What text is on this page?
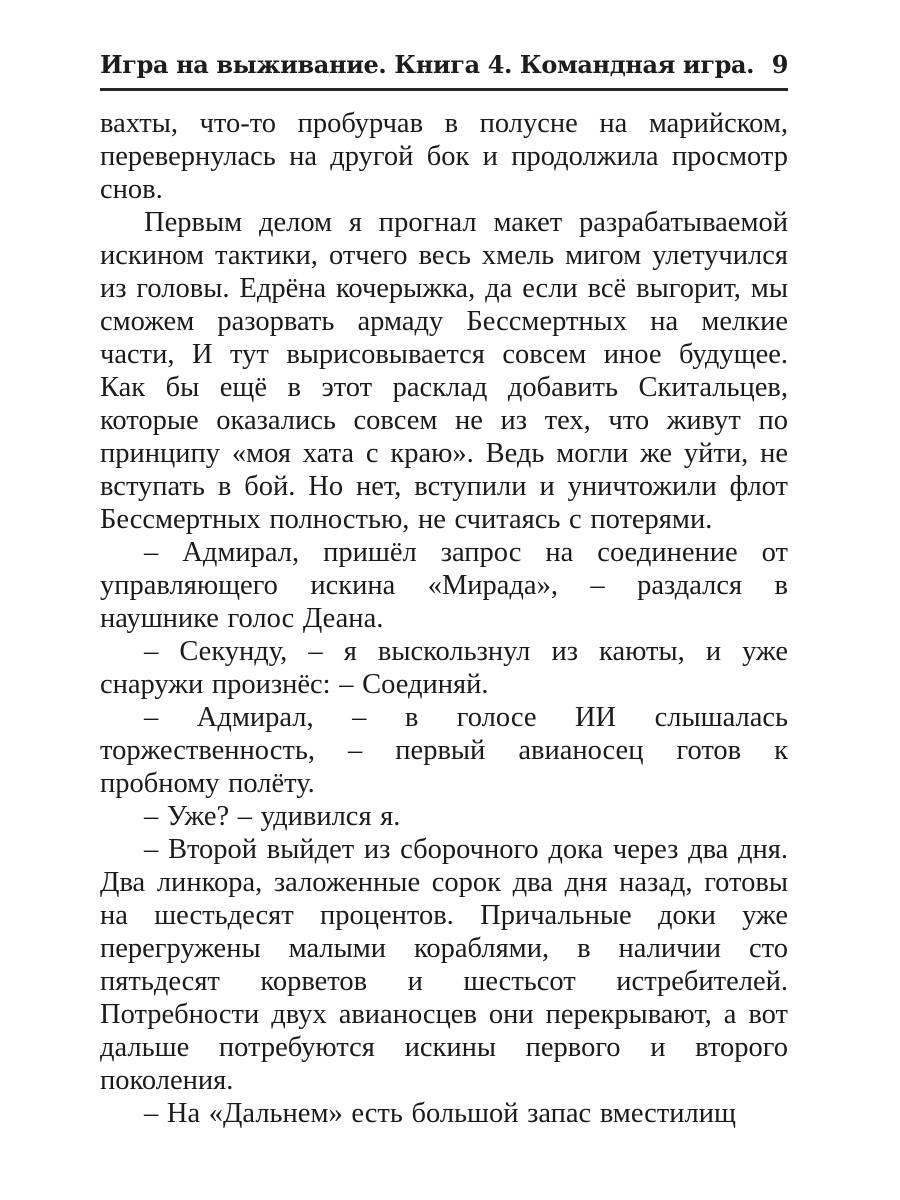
Игра на выживание. Книга 4. Командная игра. 9

вахты, что-то пробурчав в полусне на марийском, перевернулась на другой бок и продолжила просмотр снов.

Первым делом я прогнал макет разрабатываемой искином тактики, отчего весь хмель мигом улетучился из головы. Едрёна кочерыжка, да если всё выгорит, мы сможем разорвать армаду Бессмертных на мелкие части, И тут вырисовывается совсем иное будущее. Как бы ещё в этот расклад добавить Скитальцев, которые оказались совсем не из тех, что живут по принципу «моя хата с краю». Ведь могли же уйти, не вступать в бой. Но нет, вступили и уничтожили флот Бессмертных полностью, не считаясь с потерями.

– Адмирал, пришёл запрос на соединение от управляющего искина «Мирада», – раздался в наушнике голос Деана.

– Секунду, – я выскользнул из каюты, и уже снаружи произнёс: – Соединяй.

– Адмирал, – в голосе ИИ слышалась торжественность, – первый авианосец готов к пробному полёту.

– Уже? – удивился я.

– Второй выйдет из сборочного дока через два дня. Два линкора, заложенные сорок два дня назад, готовы на шестьдесят процентов. Причальные доки уже перегружены малыми кораблями, в наличии сто пятьдесят корветов и шестьсот истребителей. Потребности двух авианосцев они перекрывают, а вот дальше потребуются искины первого и второго поколения.

– На «Дальнем» есть большой запас вместилищ
